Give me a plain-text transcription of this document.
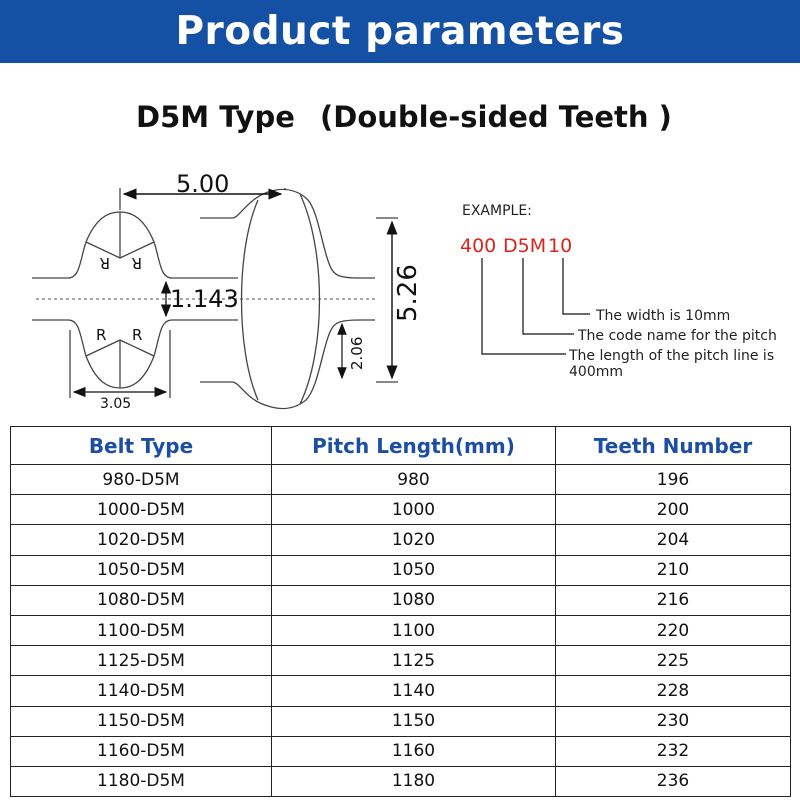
Product parameters
D5M Type (Double-sided Teeth )
R R
R R
5.00
1.143	5.26
2.06
3.05
EXAMPLE:
400 D5M 10
The width is 10mm
The code name for the pitch
The length of the pitch line is
400mm
Belt Type	Pitch Length(mm)	Teeth Number
980-D5M	980	196
1000-D5M	1000	200
1020-D5M	1020	204
1050-D5M	1050	210
1080-D5M	1080	216
1100-D5M	1100	220
1125-D5M	1125	225
1140-D5M	1140	228
1150-D5M	1150	230
1160-D5M	1160	232
1180-D5M	1180	236
